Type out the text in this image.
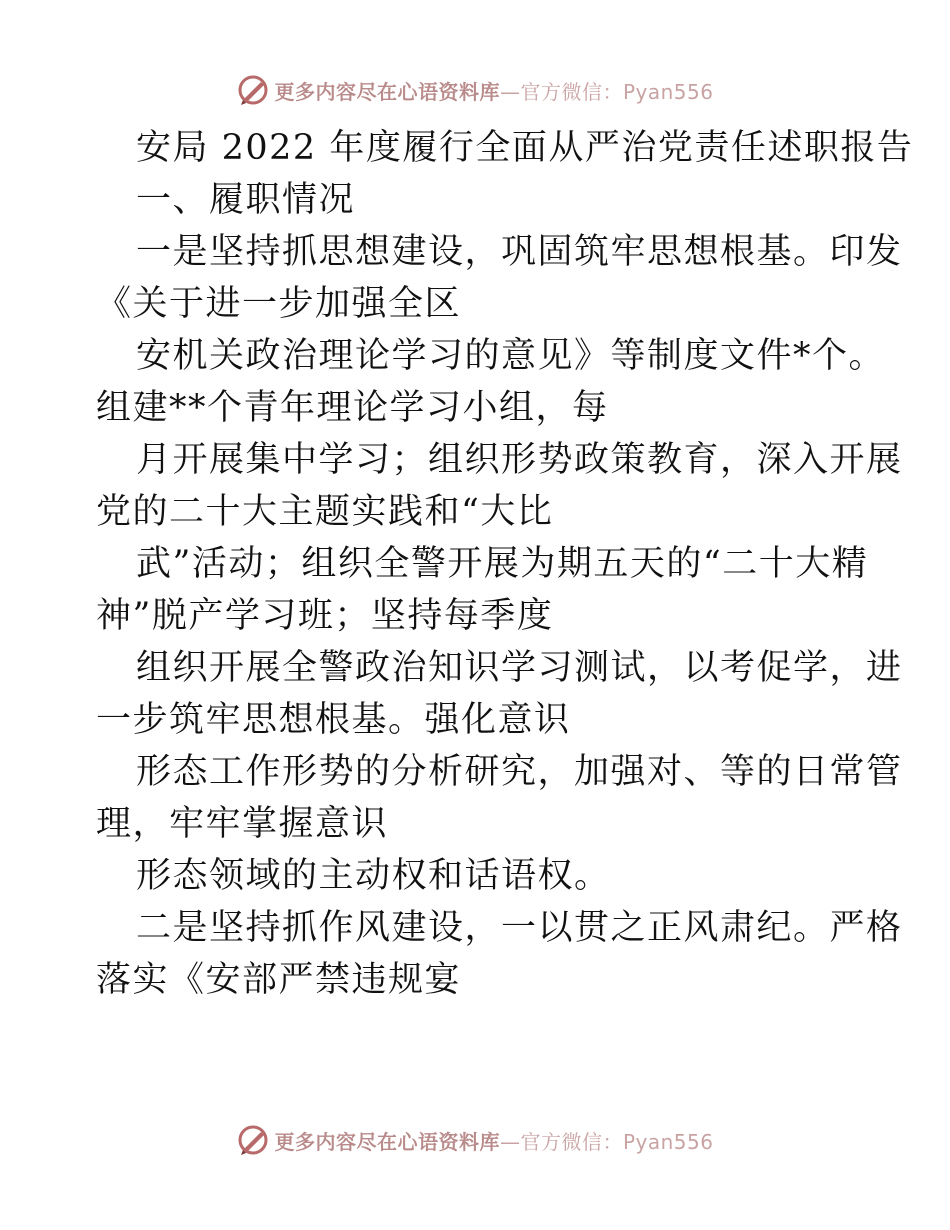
更多内容尽在心语资料库—官方微信：Pyan556
安局 2022 年度履行全面从严治党责任述职报告
一、履职情况
一是坚持抓思想建设，巩固筑牢思想根基。印发
《关于进一步加强全区
安机关政治理论学习的意见》等制度文件*个。
组建**个青年理论学习小组，每
月开展集中学习；组织形势政策教育，深入开展
党的二十大主题实践和“大比
武”活动；组织全警开展为期五天的“二十大精
神”脱产学习班；坚持每季度
组织开展全警政治知识学习测试，以考促学，进
一步筑牢思想根基。强化意识
形态工作形势的分析研究，加强对、等的日常管
理，牢牢掌握意识
形态领域的主动权和话语权。
二是坚持抓作风建设，一以贯之正风肃纪。严格
落实《安部严禁违规宴
更多内容尽在心语资料库—官方微信：Pyan556
